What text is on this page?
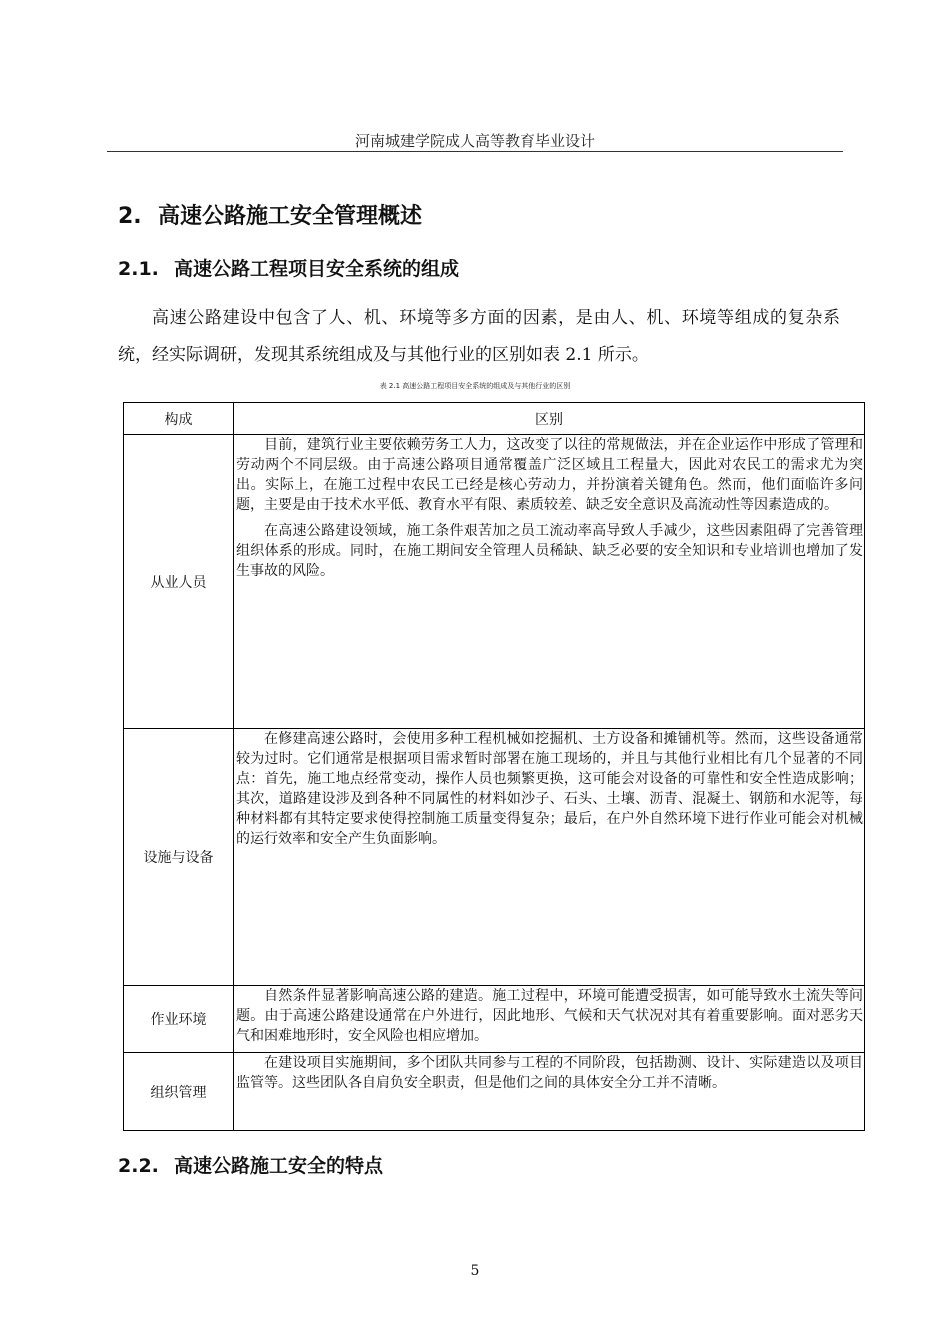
河南城建学院成人高等教育毕业设计
2. 高速公路施工安全管理概述
2.1. 高速公路工程项目安全系统的组成
高速公路建设中包含了人、机、环境等多方面的因素，是由人、机、环境等组成的复杂系统，经实际调研，发现其系统组成及与其他行业的区别如表 2.1 所示。
表 2.1 高速公路工程项目安全系统的组成及与其他行业的区别
构成	区别
从业人员	目前，建筑行业主要依赖劳务工人力，这改变了以往的常规做法，并在企业运作中形成了管理和劳动两个不同层级。由于高速公路项目通常覆盖广泛区域且工程量大，因此对农民工的需求尤为突出。实际上，在施工过程中农民工已经是核心劳动力，并扮演着关键角色。然而，他们面临许多问题，主要是由于技术水平低、教育水平有限、素质较差、缺乏安全意识及高流动性等因素造成的。

在高速公路建设领域，施工条件艰苦加之员工流动率高导致人手减少，这些因素阻碍了完善管理组织体系的形成。同时，在施工期间安全管理人员稀缺、缺乏必要的安全知识和专业培训也增加了发生事故的风险。

设施与设备	在修建高速公路时，会使用多种工程机械如挖掘机、土方设备和摊铺机等。然而，这些设备通常较为过时。它们通常是根据项目需求暂时部署在施工现场的，并且与其他行业相比有几个显著的不同点：首先，施工地点经常变动，操作人员也频繁更换，这可能会对设备的可靠性和安全性造成影响；其次，道路建设涉及到各种不同属性的材料如沙子、石头、土壤、沥青、混凝土、钢筋和水泥等，每种材料都有其特定要求使得控制施工质量变得复杂；最后，在户外自然环境下进行作业可能会对机械的运行效率和安全产生负面影响。

作业环境	自然条件显著影响高速公路的建造。施工过程中，环境可能遭受损害，如可能导致水土流失等问题。由于高速公路建设通常在户外进行，因此地形、气候和天气状况对其有着重要影响。面对恶劣天气和困难地形时，安全风险也相应增加。

组织管理	在建设项目实施期间，多个团队共同参与工程的不同阶段，包括勘测、设计、实际建造以及项目监管等。这些团队各自肩负安全职责，但是他们之间的具体安全分工并不清晰。

2.2. 高速公路施工安全的特点
5
